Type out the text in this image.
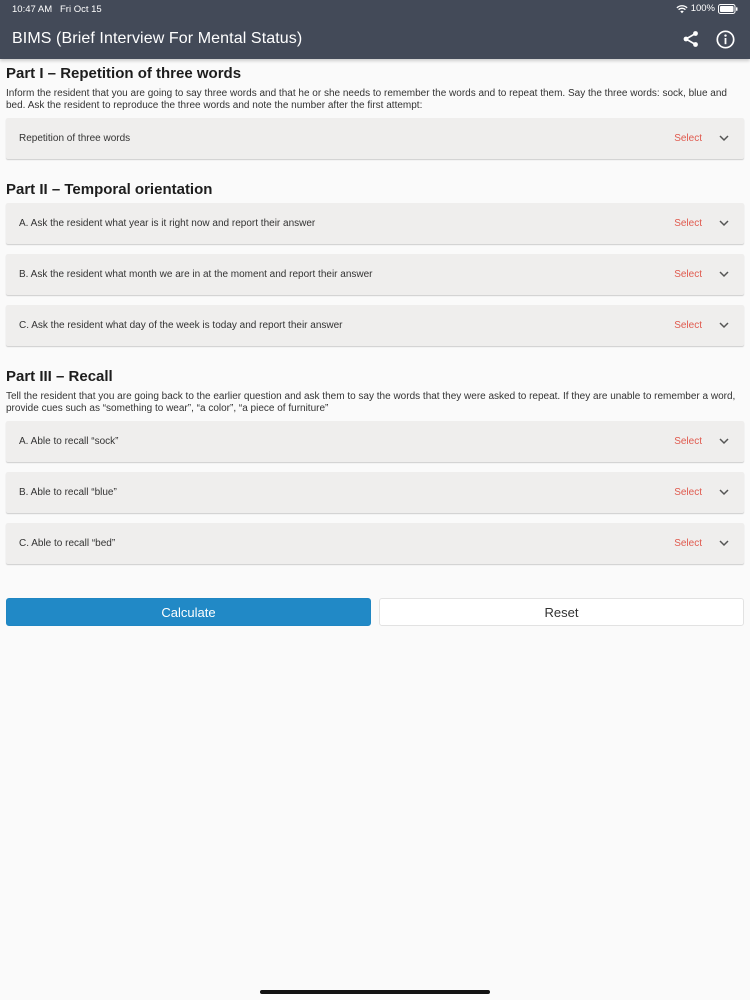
10:47 AM Fri Oct 15	100%
BIMS (Brief Interview For Mental Status)
Part I – Repetition of three words

Inform the resident that you are going to say three words and that he or she needs to remember the words and to repeat them. Say the three words: sock, blue and bed. Ask the resident to reproduce the three words and note the number after the first attempt:

Repetition of three words	Select
Part II – Temporal orientation
A. Ask the resident what year is it right now and report their answer	Select
B. Ask the resident what month we are in at the moment and report their answer	Select
C. Ask the resident what day of the week is today and report their answer	Select
Part III – Recall

Tell the resident that you are going back to the earlier question and ask them to say the words that they were asked to repeat. If they are unable to remember a word, provide cues such as “something to wear”, “a color”, “a piece of furniture”

A. Able to recall “sock”	Select
B. Able to recall “blue”	Select
C. Able to recall “bed”	Select
Calculate	Reset
